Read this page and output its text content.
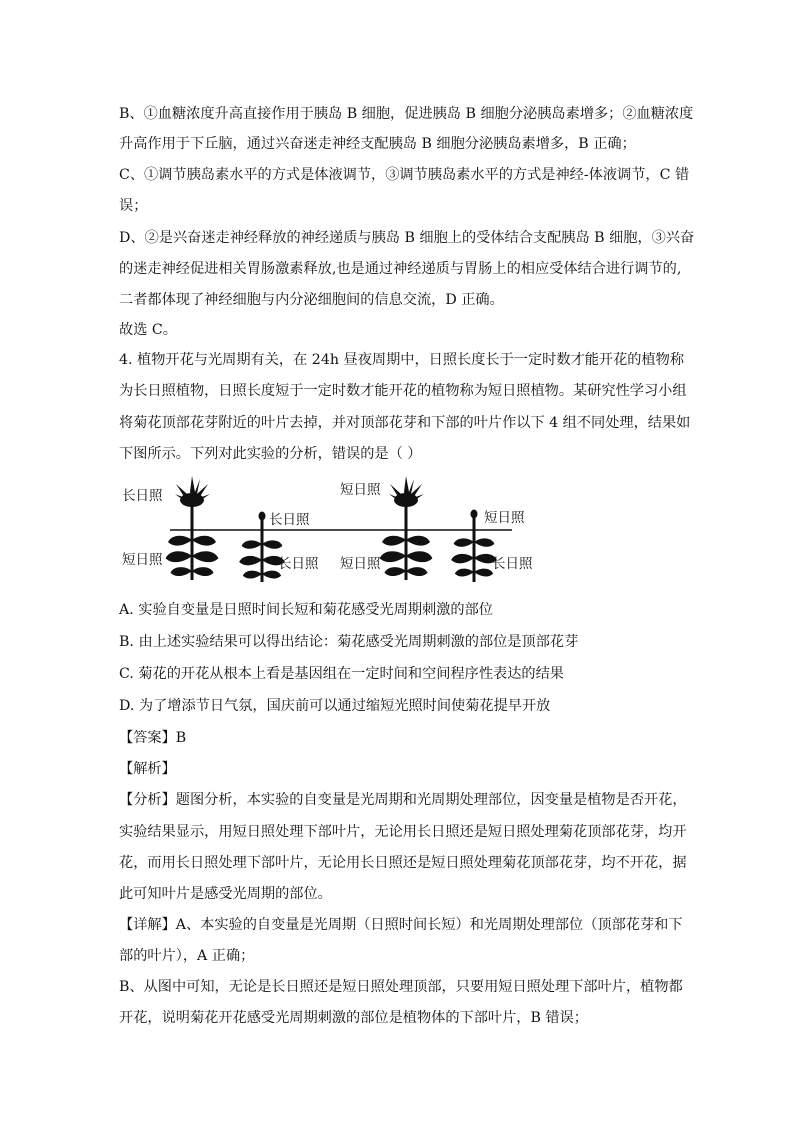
B、①血糖浓度升高直接作用于胰岛 B 细胞，促进胰岛 B 细胞分泌胰岛素增多；②血糖浓度
升高作用于下丘脑，通过兴奋迷走神经支配胰岛 B 细胞分泌胰岛素增多，B 正确；
C、①调节胰岛素水平的方式是体液调节，③调节胰岛素水平的方式是神经-体液调节，C 错
误；
D、②是兴奋迷走神经释放的神经递质与胰岛 B 细胞上的受体结合支配胰岛 B 细胞，③兴奋
的迷走神经促进相关胃肠激素释放,也是通过神经递质与胃肠上的相应受体结合进行调节的,
二者都体现了神经细胞与内分泌细胞间的信息交流，D 正确。
故选 C。
4. 植物开花与光周期有关，在 24h 昼夜周期中，日照长度长于一定时数才能开花的植物称
为长日照植物，日照长度短于一定时数才能开花的植物称为短日照植物。某研究性学习小组
将菊花顶部花芽附近的叶片去掉，并对顶部花芽和下部的叶片作以下 4 组不同处理，结果如
下图所示。下列对此实验的分析，错误的是（ ）
长日照
短日照
长日照
长日照
短日照
短日照
短日照
长日照
A. 实验自变量是日照时间长短和菊花感受光周期刺激的部位
B. 由上述实验结果可以得出结论：菊花感受光周期刺激的部位是顶部花芽
C. 菊花的开花从根本上看是基因组在一定时间和空间程序性表达的结果
D. 为了增添节日气氛，国庆前可以通过缩短光照时间使菊花提早开放
【答案】B
【解析】
【分析】题图分析，本实验的自变量是光周期和光周期处理部位，因变量是植物是否开花，
实验结果显示，用短日照处理下部叶片，无论用长日照还是短日照处理菊花顶部花芽，均开
花，而用长日照处理下部叶片，无论用长日照还是短日照处理菊花顶部花芽，均不开花，据
此可知叶片是感受光周期的部位。
【详解】A、本实验的自变量是光周期（日照时间长短）和光周期处理部位（顶部花芽和下
部的叶片），A 正确；
B、从图中可知，无论是长日照还是短日照处理顶部，只要用短日照处理下部叶片，植物都
开花，说明菊花开花感受光周期刺激的部位是植物体的下部叶片，B 错误；
